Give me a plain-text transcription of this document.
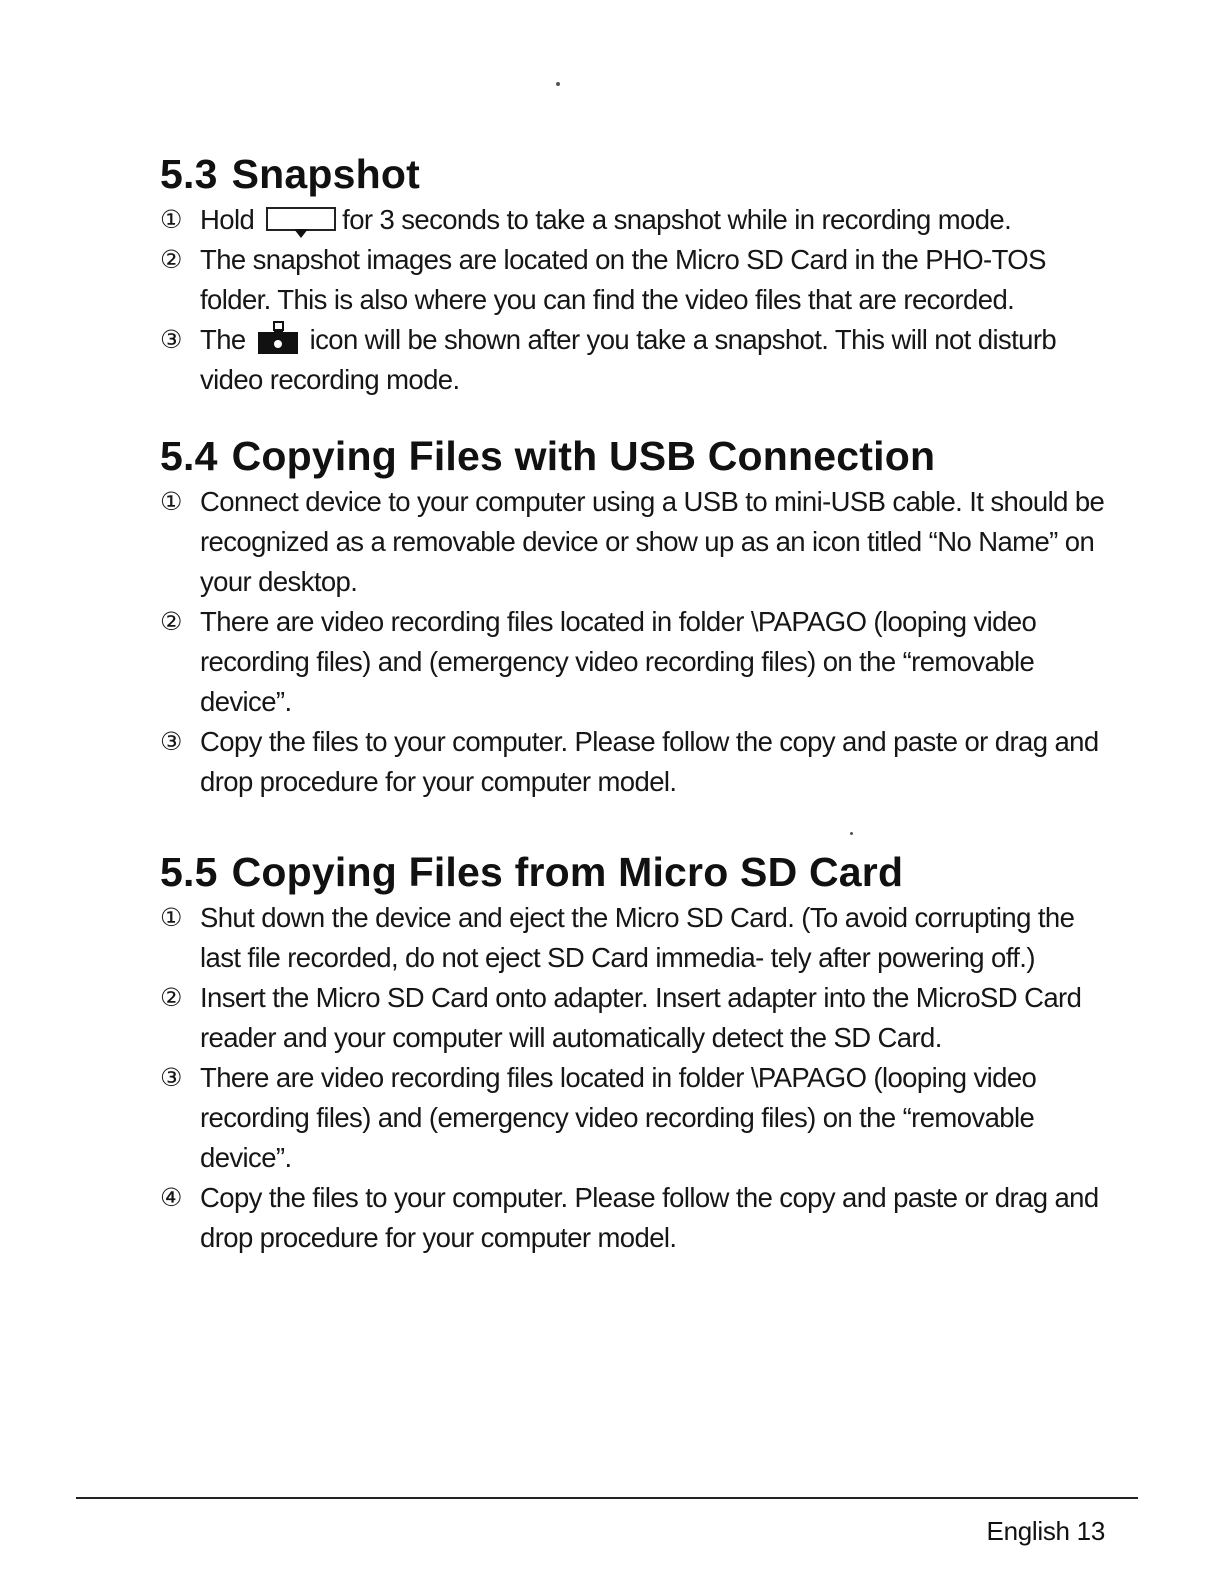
5.3 Snapshot
① Hold	for 3 seconds to take a snapshot while in recording mode.
② The snapshot images are located on the Micro SD Card in the PHO-TOS folder. This is also where you can find the video files that are recorded.
③ The icon will be shown after you take a snapshot. This will not disturb video recording mode.
5.4 Copying Files with USB Connection
① Connect device to your computer using a USB to mini-USB cable. It should be recognized as a removable device or show up as an icon titled “No Name” on your desktop.
② There are video recording files located in folder \PAPAGO (looping video recording files) and (emergency video recording files) on the “removable device”.
③ Copy the files to your computer. Please follow the copy and paste or drag and drop procedure for your computer model.
5.5 Copying Files from Micro SD Card
① Shut down the device and eject the Micro SD Card. (To avoid corrupting the last file recorded, do not eject SD Card immedia- tely after powering off.)
② Insert the Micro SD Card onto adapter. Insert adapter into the MicroSD Card reader and your computer will automatically detect the SD Card.
③ There are video recording files located in folder \PAPAGO (looping video recording files) and (emergency video recording files) on the “removable device”.
④ Copy the files to your computer. Please follow the copy and paste or drag and drop procedure for your computer model.
English 13
